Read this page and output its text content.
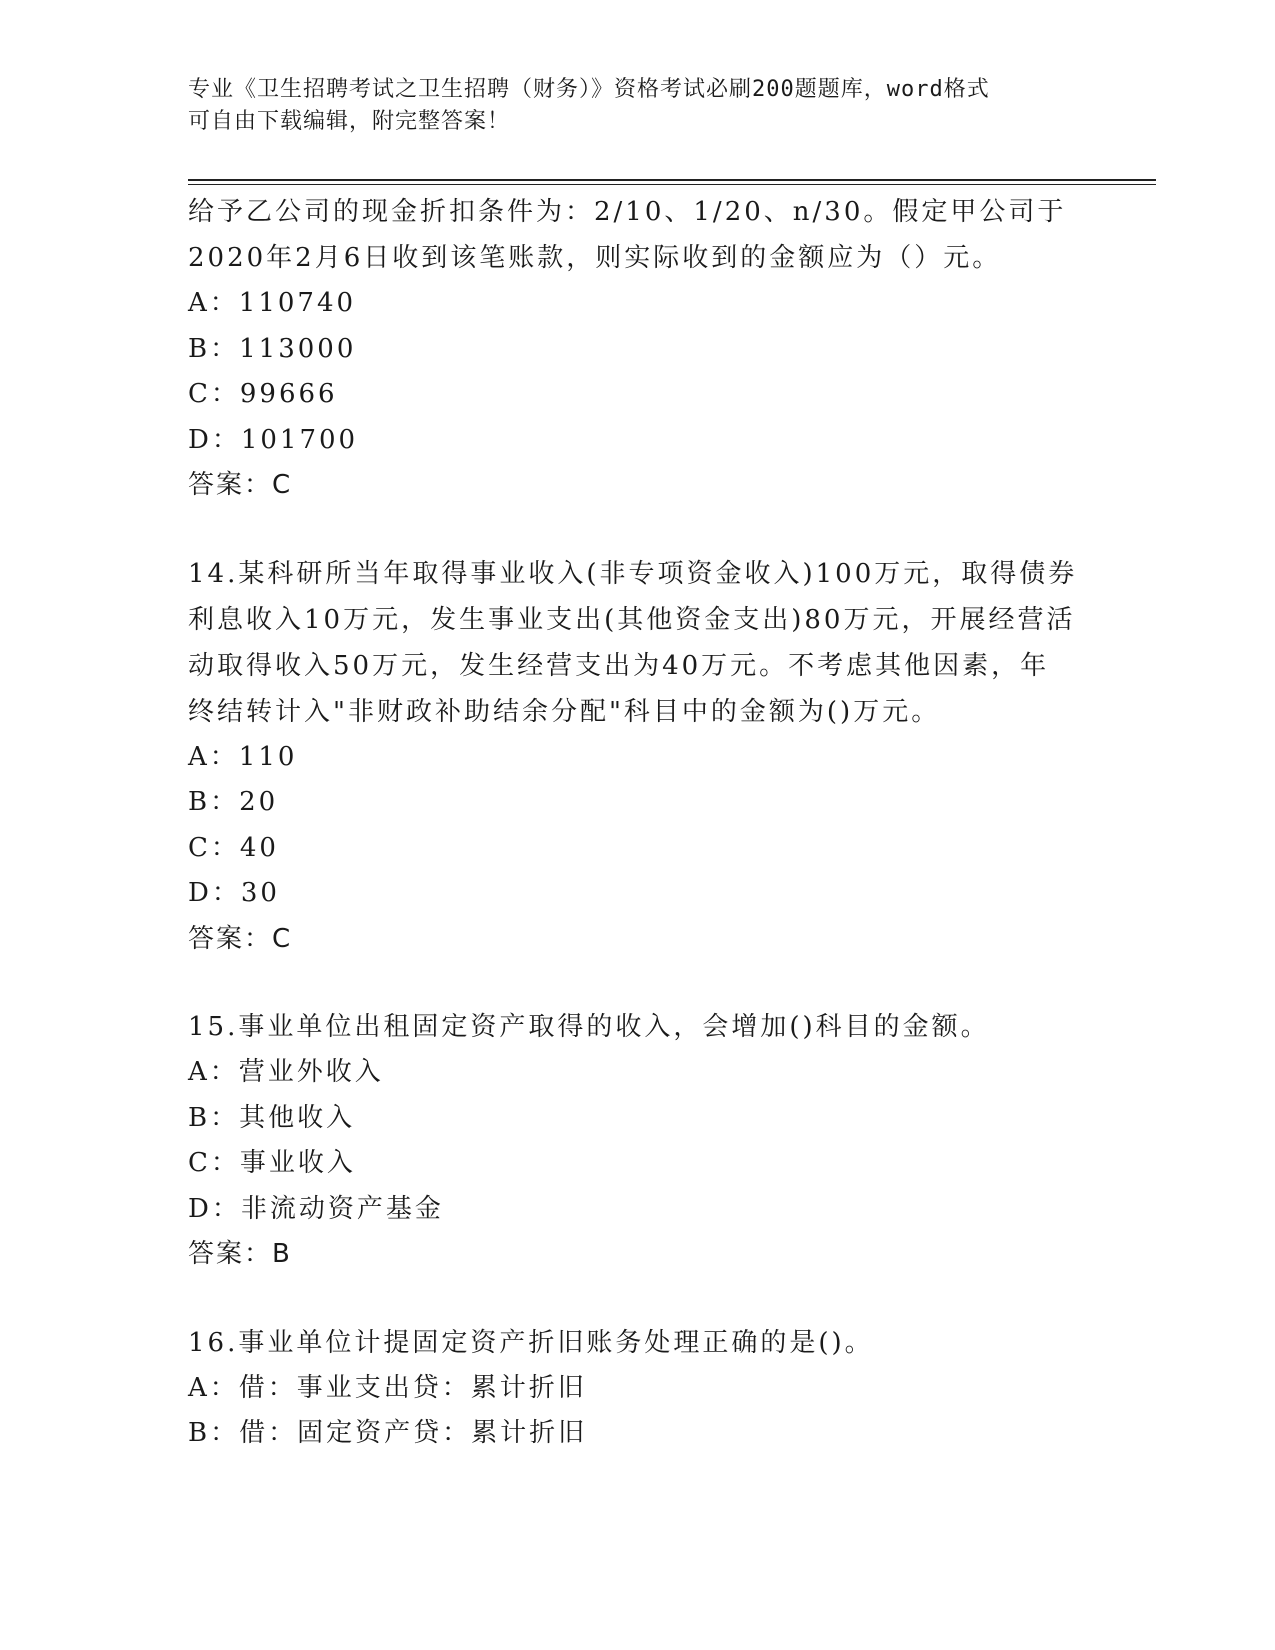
专业《卫生招聘考试之卫生招聘（财务）》资格考试必刷200题题库，word格式
可自由下载编辑，附完整答案！
给予乙公司的现金折扣条件为：2/10、1/20、n/30。假定甲公司于
2020年2月6日收到该笔账款，则实际收到的金额应为（）元。
A：110740
B：113000
C：99666
D：101700
答案：C
14.某科研所当年取得事业收入(非专项资金收入)100万元，取得债券
利息收入10万元，发生事业支出(其他资金支出)80万元，开展经营活
动取得收入50万元，发生经营支出为40万元。不考虑其他因素，年
终结转计入"非财政补助结余分配"科目中的金额为()万元。
A：110
B：20
C：40
D：30
答案：C
15.事业单位出租固定资产取得的收入，会增加()科目的金额。
A：营业外收入
B：其他收入
C：事业收入
D：非流动资产基金
答案：B
16.事业单位计提固定资产折旧账务处理正确的是()。
A：借：事业支出贷：累计折旧
B：借：固定资产贷：累计折旧
